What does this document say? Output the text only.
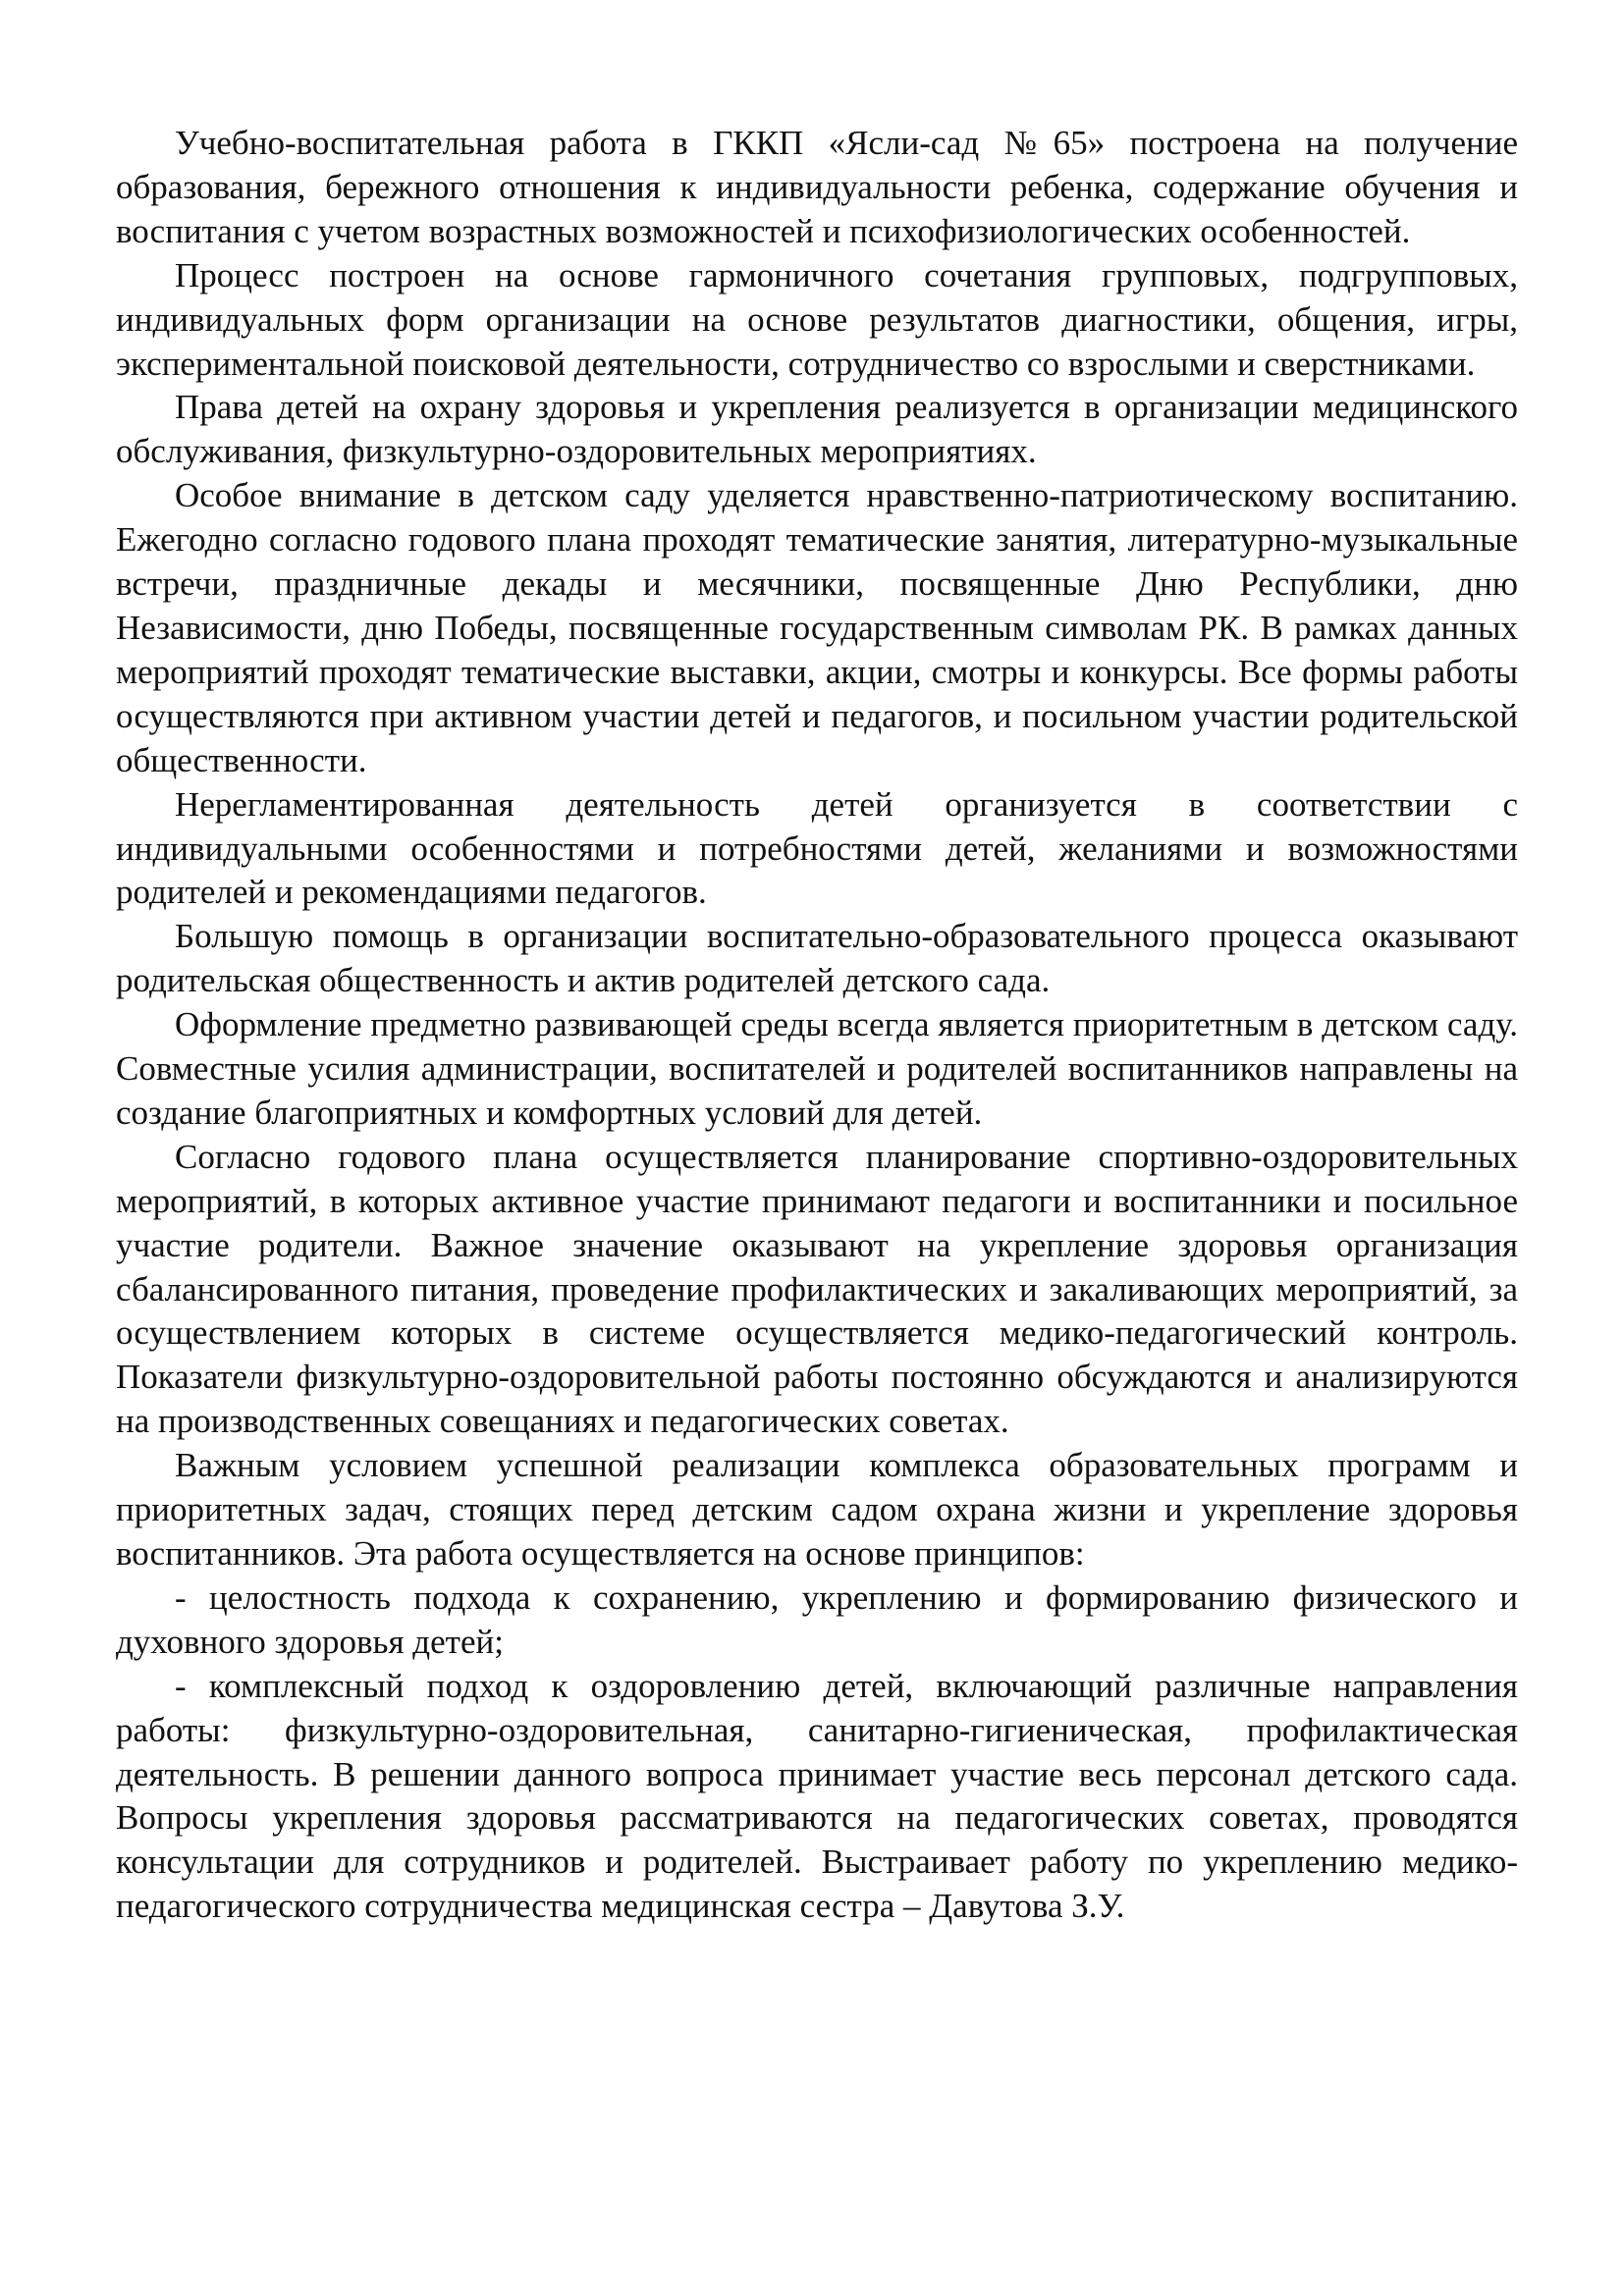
Учебно-воспитательная работа в ГККП «Ясли-сад №65» построена на получение образования, бережного отношения к индивидуальности ребенка, содержание обучения и воспитания с учетом возрастных возможностей и психофизиологических особенностей.

Процесс построен на основе гармоничного сочетания групповых, подгрупповых, индивидуальных форм организации на основе результатов диагностики, общения, игры, экспериментальной поисковой деятельности, сотрудничество со взрослыми и сверстниками.

Права детей на охрану здоровья и укрепления реализуется в организации медицинского обслуживания, физкультурно-оздоровительных мероприятиях.

Особое внимание в детском саду уделяется нравственно-патриотическому воспитанию. Ежегодно согласно годового плана проходят тематические занятия, литературно-музыкальные встречи, праздничные декады и месячники, посвященные Дню Республики, дню Независимости, дню Победы, посвященные государственным символам РК. В рамках данных мероприятий проходят тематические выставки, акции, смотры и конкурсы. Все формы работы осуществляются при активном участии детей и педагогов, и посильном участии родительской общественности.

Нерегламентированная деятельность детей организуется в соответствии с индивидуальными особенностями и потребностями детей, желаниями и возможностями родителей и рекомендациями педагогов.

Большую помощь в организации воспитательно-образовательного процесса оказывают родительская общественность и актив родителей детского сада.

Оформление предметно развивающей среды всегда является приоритетным в детском саду. Совместные усилия администрации, воспитателей и родителей воспитанников направлены на создание благоприятных и комфортных условий для детей.

Согласно годового плана осуществляется планирование спортивно-оздоровительных мероприятий, в которых активное участие принимают педагоги и воспитанники и посильное участие родители. Важное значение оказывают на укрепление здоровья организация сбалансированного питания, проведение профилактических и закаливающих мероприятий, за осуществлением которых в системе осуществляется медико-педагогический контроль. Показатели физкультурно-оздоровительной работы постоянно обсуждаются и анализируются на производственных совещаниях и педагогических советах.

Важным условием успешной реализации комплекса образовательных программ и приоритетных задач, стоящих перед детским садом охрана жизни и укрепление здоровья воспитанников. Эта работа осуществляется на основе принципов:

- целостность подхода к сохранению, укреплению и формированию физического и духовного здоровья детей;

- комплексный подход к оздоровлению детей, включающий различные направления работы: физкультурно-оздоровительная, санитарно-гигиеническая, профилактическая деятельность. В решении данного вопроса принимает участие весь персонал детского сада. Вопросы укрепления здоровья рассматриваются на педагогических советах, проводятся консультации для сотрудников и родителей. Выстраивает работу по укреплению медико-педагогического сотрудничества медицинская сестра – Давутова З.У.
